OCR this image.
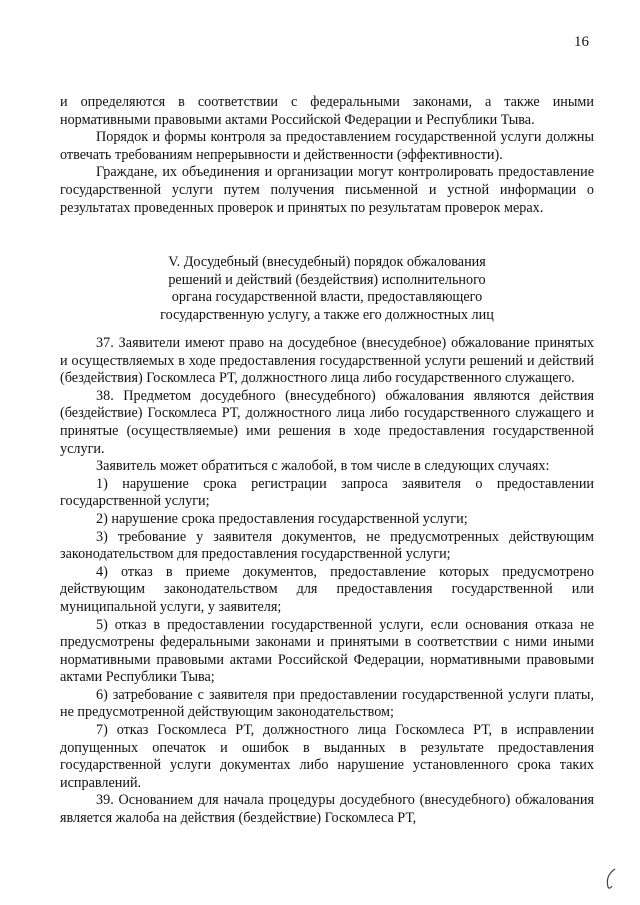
16

и определяются в соответствии с федеральными законами, а также иными нормативными правовыми актами Российской Федерации и Республики Тыва.

Порядок и формы контроля за предоставлением государственной услуги должны отвечать требованиям непрерывности и действенности (эффективности).

Граждане, их объединения и организации могут контролировать предоставление государственной услуги путем получения письменной и устной информации о результатах проведенных проверок и принятых по результатам проверок мерах.

V. Досудебный (внесудебный) порядок обжалования

решений и действий (бездействия) исполнительного

органа государственной власти, предоставляющего

государственную услугу, а также его должностных лиц

37. Заявители имеют право на досудебное (внесудебное) обжалование принятых и осуществляемых в ходе предоставления государственной услуги решений и действий (бездействия) Госкомлеса РТ, должностного лица либо государственного служащего.

38. Предметом досудебного (внесудебного) обжалования являются действия (бездействие) Госкомлеса РТ, должностного лица либо государственного служащего и принятые (осуществляемые) ими решения в ходе предоставления государственной услуги.

Заявитель может обратиться с жалобой, в том числе в следующих случаях:

1) нарушение срока регистрации запроса заявителя о предоставлении государственной услуги;

2) нарушение срока предоставления государственной услуги;

3) требование у заявителя документов, не предусмотренных действующим законодательством для предоставления государственной услуги;

4) отказ в приеме документов, предоставление которых предусмотрено действующим законодательством для предоставления государственной или муниципальной услуги, у заявителя;

5) отказ в предоставлении государственной услуги, если основания отказа не предусмотрены федеральными законами и принятыми в соответствии с ними иными нормативными правовыми актами Российской Федерации, нормативными правовыми актами Республики Тыва;

6) затребование с заявителя при предоставлении государственной услуги платы, не предусмотренной действующим законодательством;

7) отказ Госкомлеса РТ, должностного лица Госкомлеса РТ, в исправлении допущенных опечаток и ошибок в выданных в результате предоставления государственной услуги документах либо нарушение установленного срока таких исправлений.

39. Основанием для начала процедуры досудебного (внесудебного) обжалования является жалоба на действия (бездействие) Госкомлеса РТ,
